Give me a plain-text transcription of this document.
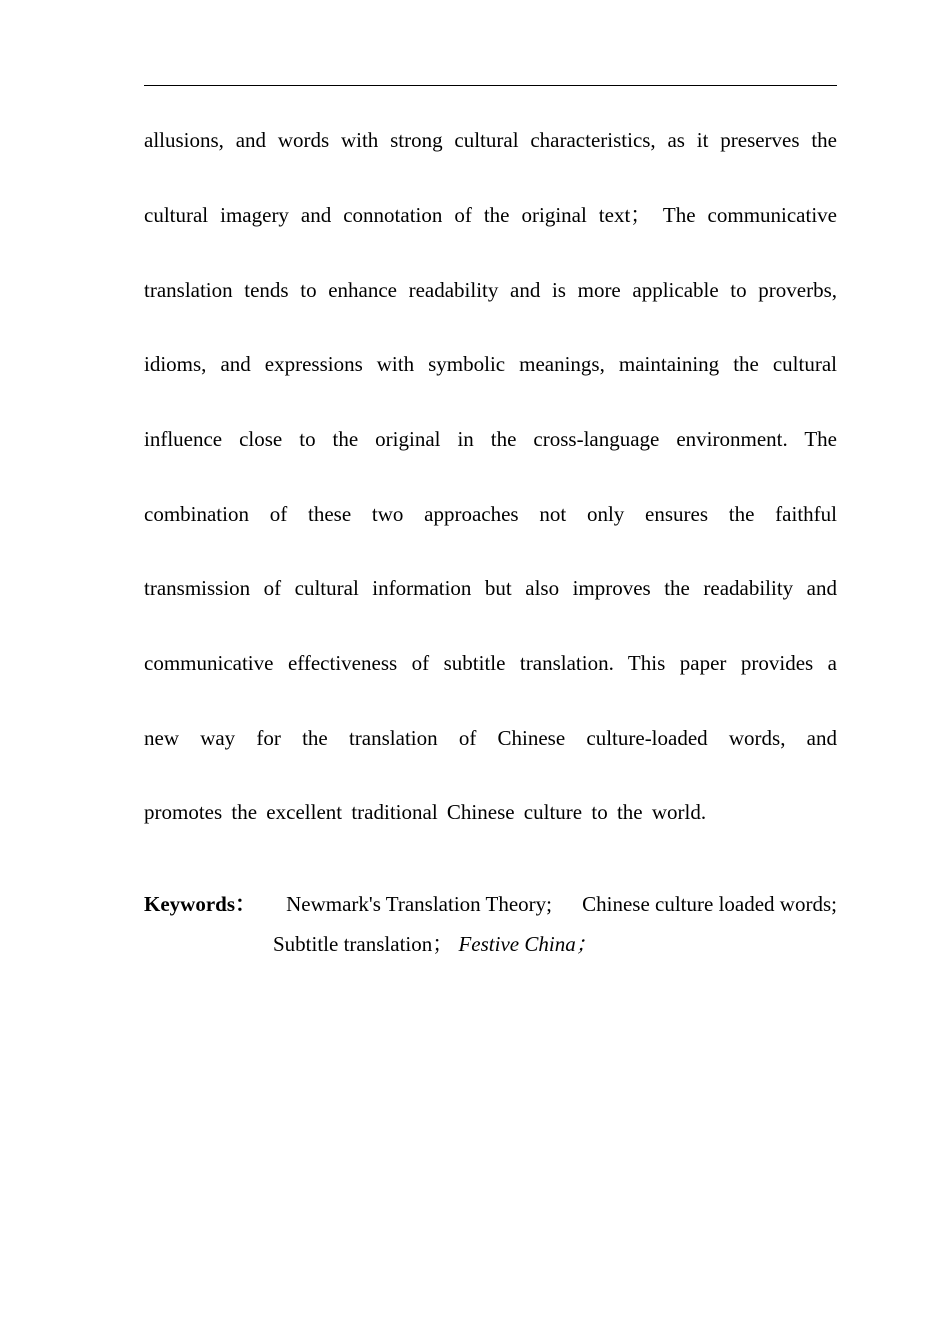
allusions, and words with strong cultural characteristics, as it preserves the
cultural imagery and connotation of the original text； The communicative
translation tends to enhance readability and is more applicable to proverbs,
idioms, and expressions with symbolic meanings, maintaining the cultural
influence close to the original in the cross-language environment. The
combination of these two approaches not only ensures the faithful
transmission of cultural information but also improves the readability and
communicative effectiveness of subtitle translation. This paper provides a
new way for the translation of Chinese culture-loaded words, and
promotes the excellent traditional Chinese culture to the world.
Keywords： Newmark's Translation Theory; Chinese culture loaded words;
Subtitle translation； Festive China；
